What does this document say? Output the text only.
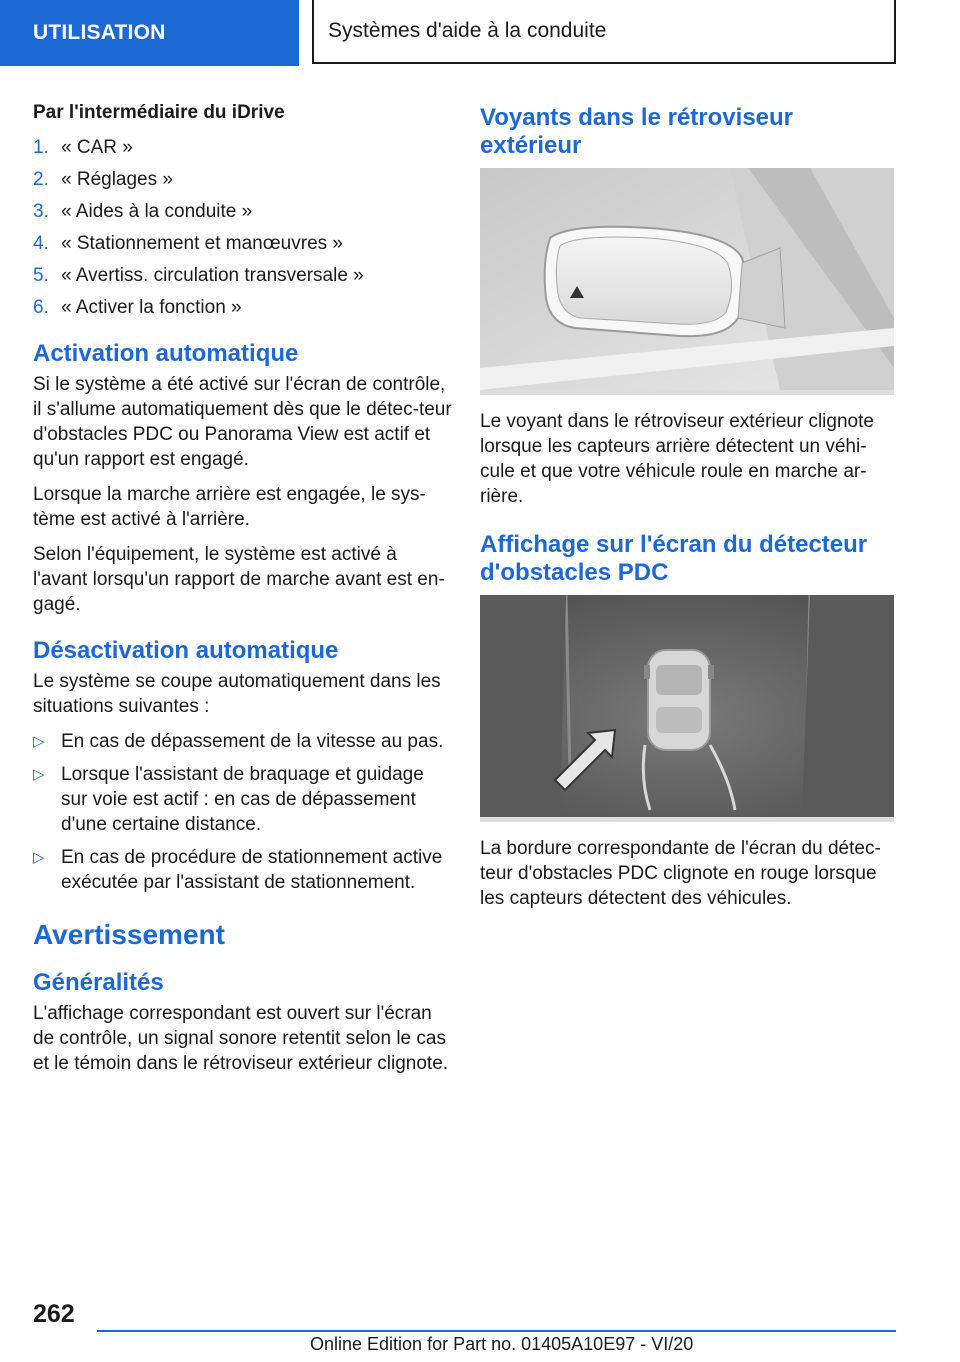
UTILISATION	Systèmes d'aide à la conduite
Par l'intermédiaire du iDrive
1. « CAR »
2. « Réglages »
3. « Aides à la conduite »
4. « Stationnement et manœuvres »
5. « Avertiss. circulation transversale »
6. « Activer la fonction »
Activation automatique

Si le système a été activé sur l'écran de contrôle, il s'allume automatiquement dès que le détec-teur d'obstacles PDC ou Panorama View est actif et qu'un rapport est engagé.

Lorsque la marche arrière est engagée, le sys-tème est activé à l'arrière.

Selon l'équipement, le système est activé à l'avant lorsqu'un rapport de marche avant est en-gagé.

Désactivation automatique

Le système se coupe automatiquement dans les situations suivantes :

▷ En cas de dépassement de la vitesse au pas.
▷ Lorsque l'assistant de braquage et guidage sur voie est actif : en cas de dépassement d'une certaine distance.
▷ En cas de procédure de stationnement active exécutée par l'assistant de stationnement.
Avertissement
Généralités

L'affichage correspondant est ouvert sur l'écran de contrôle, un signal sonore retentit selon le cas et le témoin dans le rétroviseur extérieur clignote.

Voyants dans le rétroviseur extérieur

Le voyant dans le rétroviseur extérieur clignote lorsque les capteurs arrière détectent un véhi-cule et que votre véhicule roule en marche ar-rière.

Affichage sur l'écran du détecteur d'obstacles PDC

La bordure correspondante de l'écran du détec-teur d'obstacles PDC clignote en rouge lorsque les capteurs détectent des véhicules.

262
Online Edition for Part no. 01405A10E97 - VI/20
